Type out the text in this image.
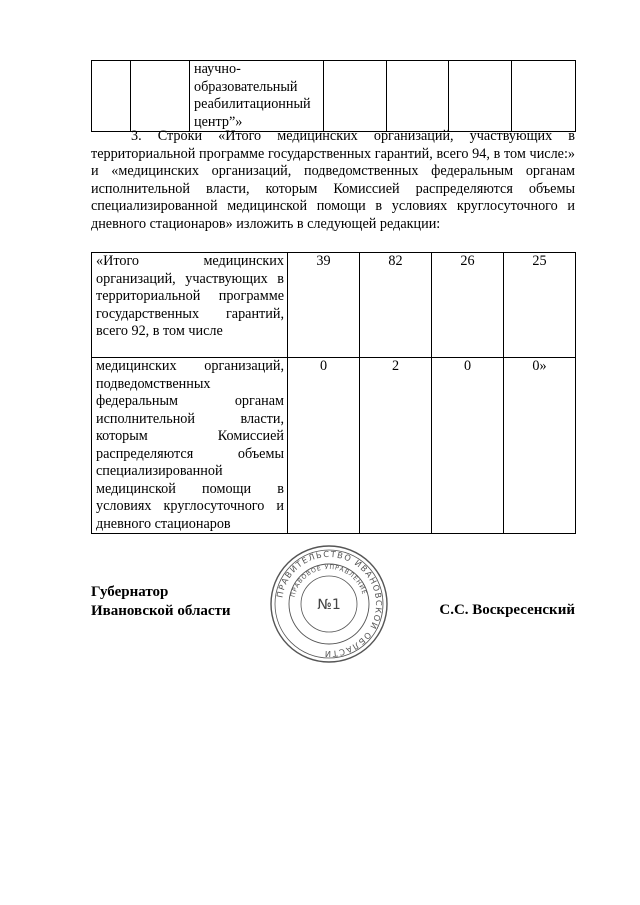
		научно-
образовательный
реабилитационный
центр”»				

3. Строки «Итого медицинских организаций, участвующих в территориальной программе государственных гарантий, всего 94, в том числе:» и «медицинских организаций, подведомственных федеральным органам исполнительной власти, которым Комиссией распределяются объемы специализированной медицинской помощи в условиях круглосуточного и дневного стационаров» изложить в следующей редакции:

«Итого медицинских организаций, участвующих в территориальной программе государственных гарантий, всего 92, в том числе	39	82	26	25
медицинских организаций, подведомственных федеральным органам исполнительной власти, которым Комиссией распределяются объемы специализированной медицинской помощи в условиях круглосуточного и дневного стационаров	0	2	0	0»
Губернатор
Ивановской области
ПРАВИТЕЛЬСТВО ИВАНОВСКОЙ ОБЛАСТИ
ПРАВОВОЕ УПРАВЛЕНИЕ
№1	С.С. Воскресенский
